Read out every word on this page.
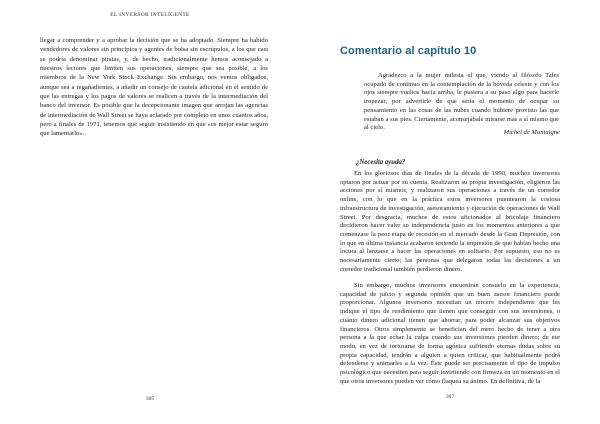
EL INVERSOR INTELIGENTE

llegar a comprender y a aprobar la decisión que se ha adoptado. Siempre ha habido vendedores de valores sin principios y agentes de bolsa sin escrúpulos, a los que casi se podría denominar piratas, y, de hecho, tradicionalmente hemos aconsejado a nuestros lectores que limiten sus operaciones, siempre que sea posible, a los miembros de la New York Stock Exchange. Sin embargo, nos vemos obligados, aunque sea a regañadientes, a añadir un consejo de cautela adicional en el sentido de que las entregas y los pagos de valores se realicen a través de la intermediación del banco del inversor. Es posible que la decepcionante imagen que arrojan las agencias de intermediación de Wall Street se haya aclarado por completo en unos cuantos años, pero a finales de 1971, tenemos que seguir insistiendo en que «es mejor estar seguro que lamentarlo».

305	307
Comentario al capítulo 10

Agradezco a la mujer milesia el que, viendo al filósofo Tales ocupado de continuo en la contemplación de la bóveda celeste y con los ojos siempre vueltos hacia arriba, le pusiera a su paso algo para hacerle tropezar, por advertirle de que sería el momento de ocupar su pensamiento en las cosas de las nubes cuando hubiere provisto las que estaban a sus pies. Ciertamente, aconsejábale mirarse más a sí mismo que al cielo.

Michel de Montaigne

¿Necesita ayuda?

En los gloriosos días de finales de la década de 1990, muchos inversores optaron por actuar por su cuenta. Realizaron su propia investigación, eligieron las acciones por sí mismos, y realizaron sus operaciones a través de un corredor online, con lo que en la práctica estos inversores puentearon la costosa infraestructura de investigación, asesoramiento y ejecución de operaciones de Wall Street. Por desgracia, muchos de estos aficionados al bricolaje financiero decidieron hacer valer su independencia justo en los momentos anteriores a que comenzase la peor etapa de recesión en el mercado desde la Gran Depresión, con lo que en última instancia acabaron teniendo la impresión de que habían hecho una locura al lanzarse a hacer las operaciones en solitario. Por supuesto, eso no es necesariamente cierto; las personas que delegaron todas las decisiones a un corredor tradicional también perdieron dinero.

Sin embargo, muchos inversores encuentran consuelo en la experiencia, capacidad de juicio y segunda opinión que un buen asesor financiero puede proporcionar. Algunos inversores necesitan un tercero independiente que les indique el tipo de rendimiento que tienen que conseguir con sus inversiones, o cuánto dinero adicional tienen que ahorrar, para poder alcanzar sus objetivos financieros. Otros simplemente se benefician del mero hecho de tener a otra persona a la que echar la culpa cuando sus inversiones pierden dinero; de ese modo, en vez de torturarse de forma agónica sufriendo eternas dudas sobre su propia capacidad, tendrán a alguien a quien criticar, que habitualmente podrá defenderse y animarles a la vez. Éste puede ser precisamente el tipo de impulso psicológico que necesiten para seguir invirtiendo con firmeza en un momento en el que otros inversores pueden ver cómo flaquea su ánimo. En definitiva, de la
